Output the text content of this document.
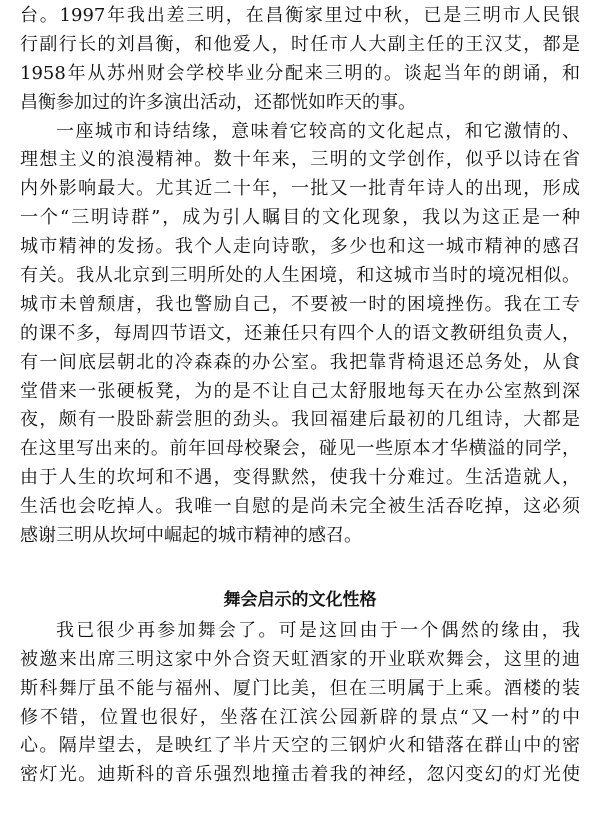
台。1997年我出差三明，在昌衡家里过中秋，已是三明市人民银
行副行长的刘昌衡，和他爱人，时任市人大副主任的王汉艾，都是
1958年从苏州财会学校毕业分配来三明的。谈起当年的朗诵，和
昌衡参加过的许多演出活动，还都恍如昨天的事。
一座城市和诗结缘，意味着它较高的文化起点，和它激情的、
理想主义的浪漫精神。数十年来，三明的文学创作，似乎以诗在省
内外影响最大。尤其近二十年，一批又一批青年诗人的出现，形成
一个“三明诗群”，成为引人瞩目的文化现象，我以为这正是一种
城市精神的发扬。我个人走向诗歌，多少也和这一城市精神的感召
有关。我从北京到三明所处的人生困境，和这城市当时的境况相似。
城市未曾颓唐，我也警励自己，不要被一时的困境挫伤。我在工专
的课不多，每周四节语文，还兼任只有四个人的语文教研组负责人，
有一间底层朝北的冷森森的办公室。我把靠背椅退还总务处，从食
堂借来一张硬板凳，为的是不让自己太舒服地每天在办公室熬到深
夜，颇有一股卧薪尝胆的劲头。我回福建后最初的几组诗，大都是
在这里写出来的。前年回母校聚会，碰见一些原本才华横溢的同学，
由于人生的坎坷和不遇，变得默然，使我十分难过。生活造就人，
生活也会吃掉人。我唯一自慰的是尚未完全被生活吞吃掉，这必须
感谢三明从坎坷中崛起的城市精神的感召。
舞会启示的文化性格
我已很少再参加舞会了。可是这回由于一个偶然的缘由，我
被邀来出席三明这家中外合资天虹酒家的开业联欢舞会，这里的迪
斯科舞厅虽不能与福州、厦门比美，但在三明属于上乘。酒楼的装
修不错，位置也很好，坐落在江滨公园新辟的景点“又一村”的中
心。隔岸望去，是映红了半片天空的三钢炉火和错落在群山中的密
密灯光。迪斯科的音乐强烈地撞击着我的神经，忽闪变幻的灯光使
